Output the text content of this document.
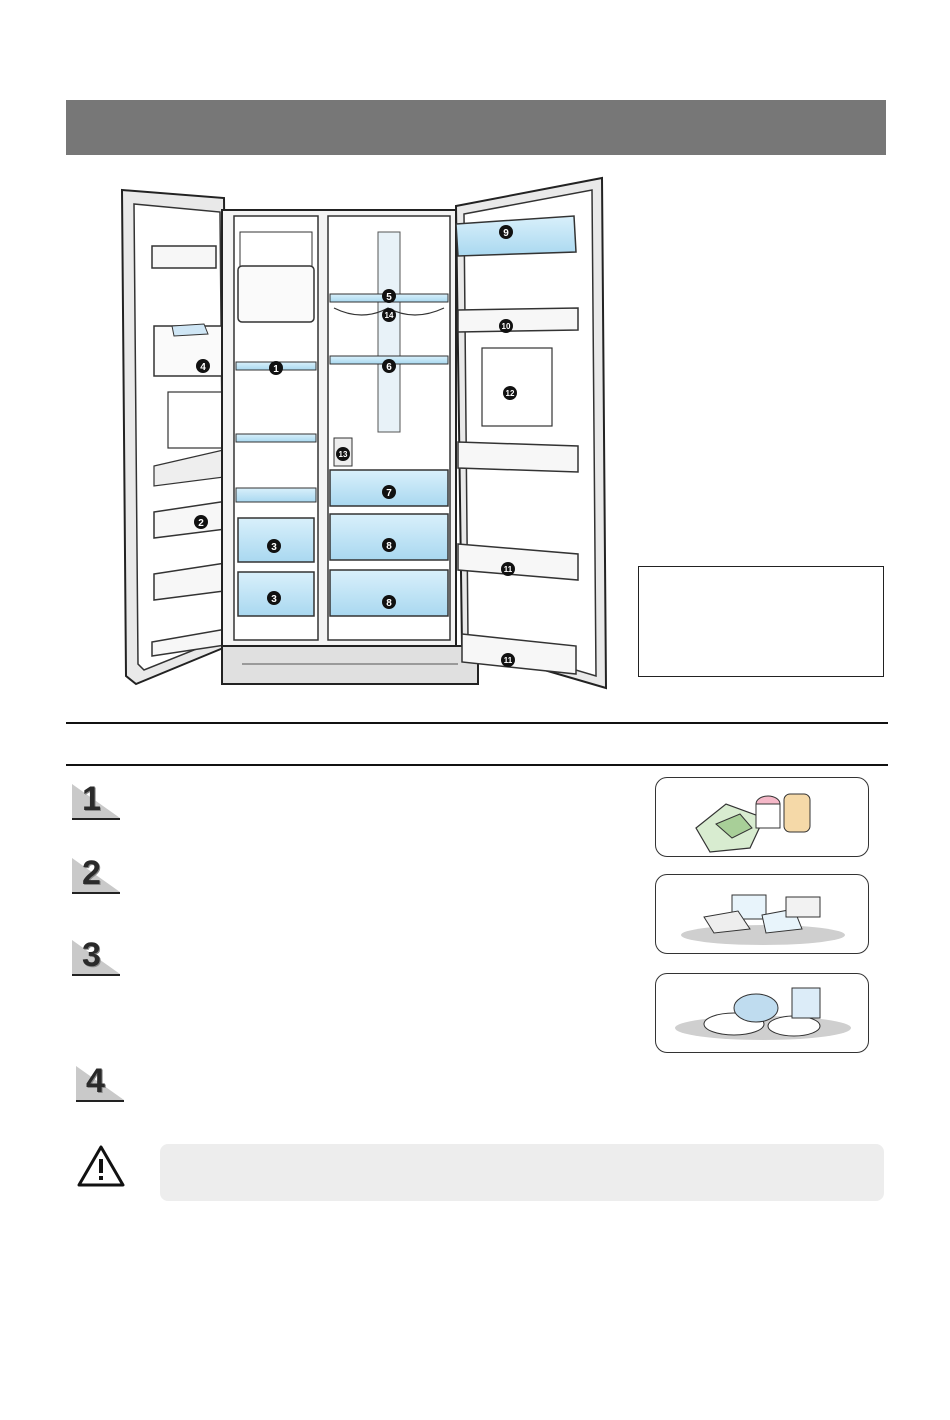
1
2
3
3
4
5
6
7
8
8
9
10
11
11
12
13
14
1
2
3
4
